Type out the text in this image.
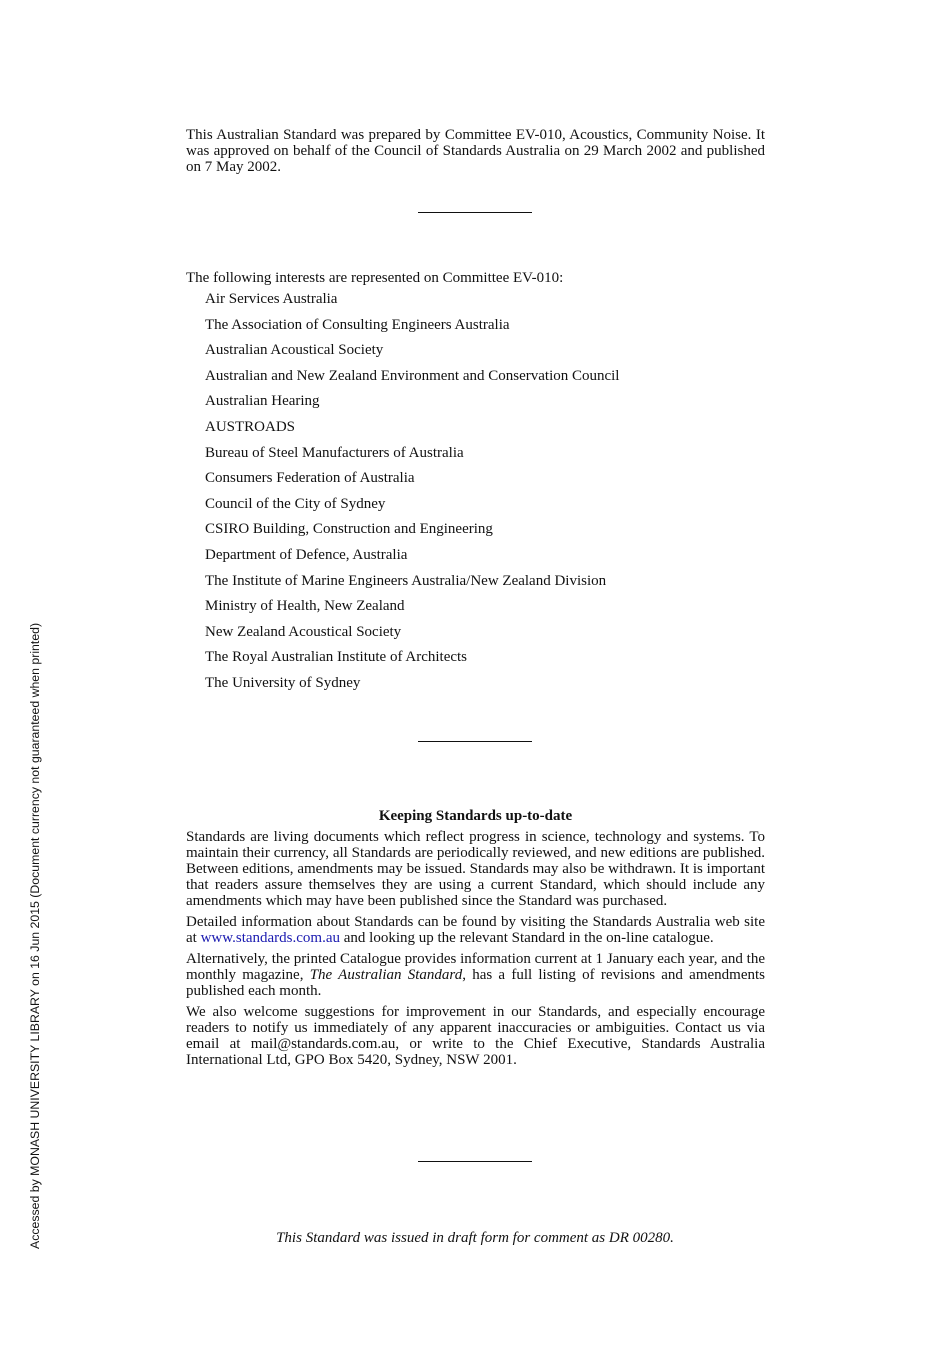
This Australian Standard was prepared by Committee EV-010, Acoustics, Community Noise. It was approved on behalf of the Council of Standards Australia on 29 March 2002 and published on 7 May 2002.

The following interests are represented on Committee EV-010:

Air Services Australia
The Association of Consulting Engineers Australia
Australian Acoustical Society
Australian and New Zealand Environment and Conservation Council
Australian Hearing
AUSTROADS
Bureau of Steel Manufacturers of Australia
Consumers Federation of Australia
Council of the City of Sydney
CSIRO Building, Construction and Engineering
Department of Defence, Australia
The Institute of Marine Engineers Australia/New Zealand Division
Ministry of Health, New Zealand
New Zealand Acoustical Society
The Royal Australian Institute of Architects
The University of Sydney

Keeping Standards up-to-date

Standards are living documents which reflect progress in science, technology and systems. To maintain their currency, all Standards are periodically reviewed, and new editions are published. Between editions, amendments may be issued. Standards may also be withdrawn. It is important that readers assure themselves they are using a current Standard, which should include any amendments which may have been published since the Standard was purchased.

Detailed information about Standards can be found by visiting the Standards Australia web site at www.standards.com.au and looking up the relevant Standard in the on-line catalogue.

Alternatively, the printed Catalogue provides information current at 1 January each year, and the monthly magazine, The Australian Standard, has a full listing of revisions and amendments published each month.

We also welcome suggestions for improvement in our Standards, and especially encourage readers to notify us immediately of any apparent inaccuracies or ambiguities. Contact us via email at mail@standards.com.au, or write to the Chief Executive, Standards Australia International Ltd, GPO Box 5420, Sydney, NSW 2001.

This Standard was issued in draft form for comment as DR 00280.
Accessed by MONASH UNIVERSITY LIBRARY on 16 Jun 2015 (Document currency not guaranteed when printed)
